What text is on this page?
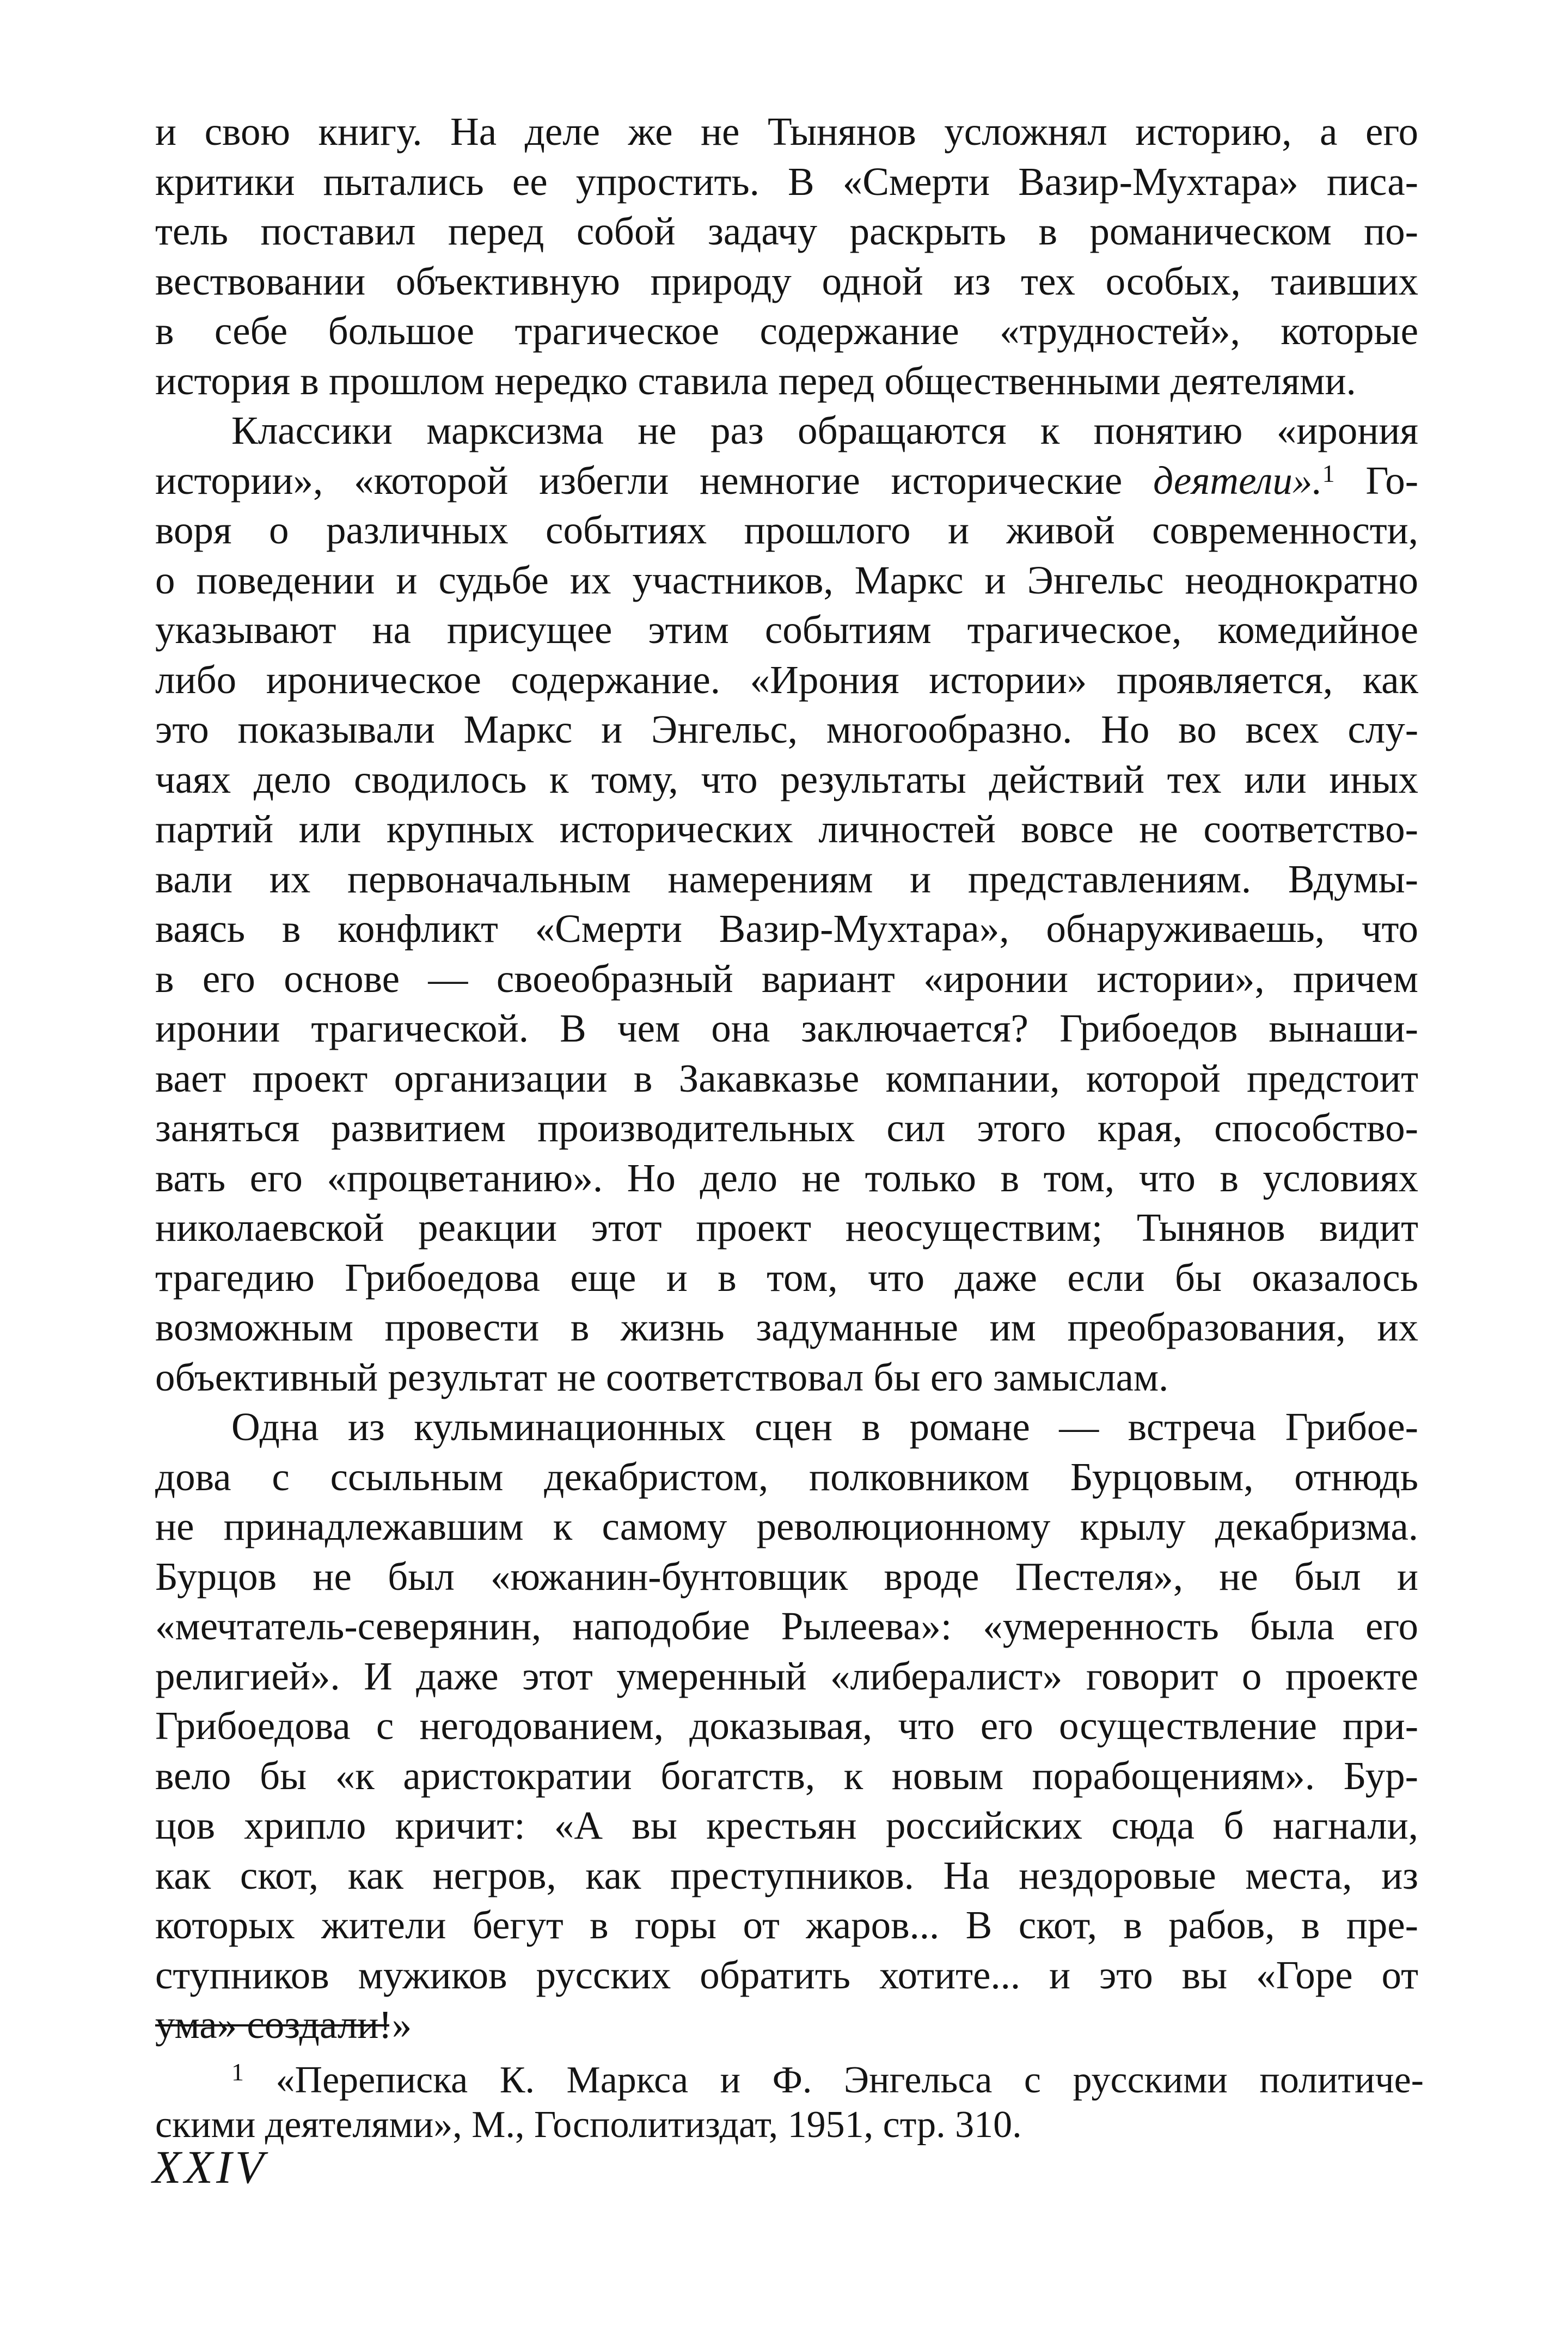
и свою книгу. На деле же не Тынянов усложнял историю, а его
критики пытались ее упростить. В «Смерти Вазир-Мухтара» писа-
тель поставил перед собой задачу раскрыть в романическом по-
вествовании объективную природу одной из тех особых, таивших
в себе большое трагическое содержание «трудностей», которые
история в прошлом нередко ставила перед общественными деятелями.
Классики марксизма не раз обращаются к понятию «ирония
истории», «которой избегли немногие исторические деятели».$^1$ Го-
воря о различных событиях прошлого и живой современности,
о поведении и судьбе их участников, Маркс и Энгельс неоднократно
указывают на присущее этим событиям трагическое, комедийное
либо ироническое содержание. «Ирония истории» проявляется, как
это показывали Маркс и Энгельс, многообразно. Но во всех слу-
чаях дело сводилось к тому, что результаты действий тех или иных
партий или крупных исторических личностей вовсе не соответство-
вали их первоначальным намерениям и представлениям. Вдумы-
ваясь в конфликт «Смерти Вазир-Мухтара», обнаруживаешь, что
в его основе — своеобразный вариант «иронии истории», причем
иронии трагической. В чем она заключается? Грибоедов вынаши-
вает проект организации в Закавказье компании, которой предстоит
заняться развитием производительных сил этого края, способство-
вать его «процветанию». Но дело не только в том, что в условиях
николаевской реакции этот проект неосуществим; Тынянов видит
трагедию Грибоедова еще и в том, что даже если бы оказалось
возможным провести в жизнь задуманные им преобразования, их
объективный результат не соответствовал бы его замыслам.
Одна из кульминационных сцен в романе — встреча Грибое-
дова с ссыльным декабристом, полковником Бурцовым, отнюдь
не принадлежавшим к самому революционному крылу декабризма.
Бурцов не был «южанин-бунтовщик вроде Пестеля», не был и
«мечтатель-северянин, наподобие Рылеева»: «умеренность была его
религией». И даже этот умеренный «либералист» говорит о проекте
Грибоедова с негодованием, доказывая, что его осуществление при-
вело бы «к аристократии богатств, к новым порабощениям». Бур-
цов хрипло кричит: «А вы крестьян российских сюда б нагнали,
как скот, как негров, как преступников. На нездоровые места, из
которых жители бегут в горы от жаров... В скот, в рабов, в пре-
ступников мужиков русских обратить хотите... и это вы «Горе от
ума» создали!»
$^1$ «Переписка К. Маркса и Ф. Энгельса с русскими политиче-
скими деятелями», М., Госполитиздат, 1951, стр. 310.
XXIV
